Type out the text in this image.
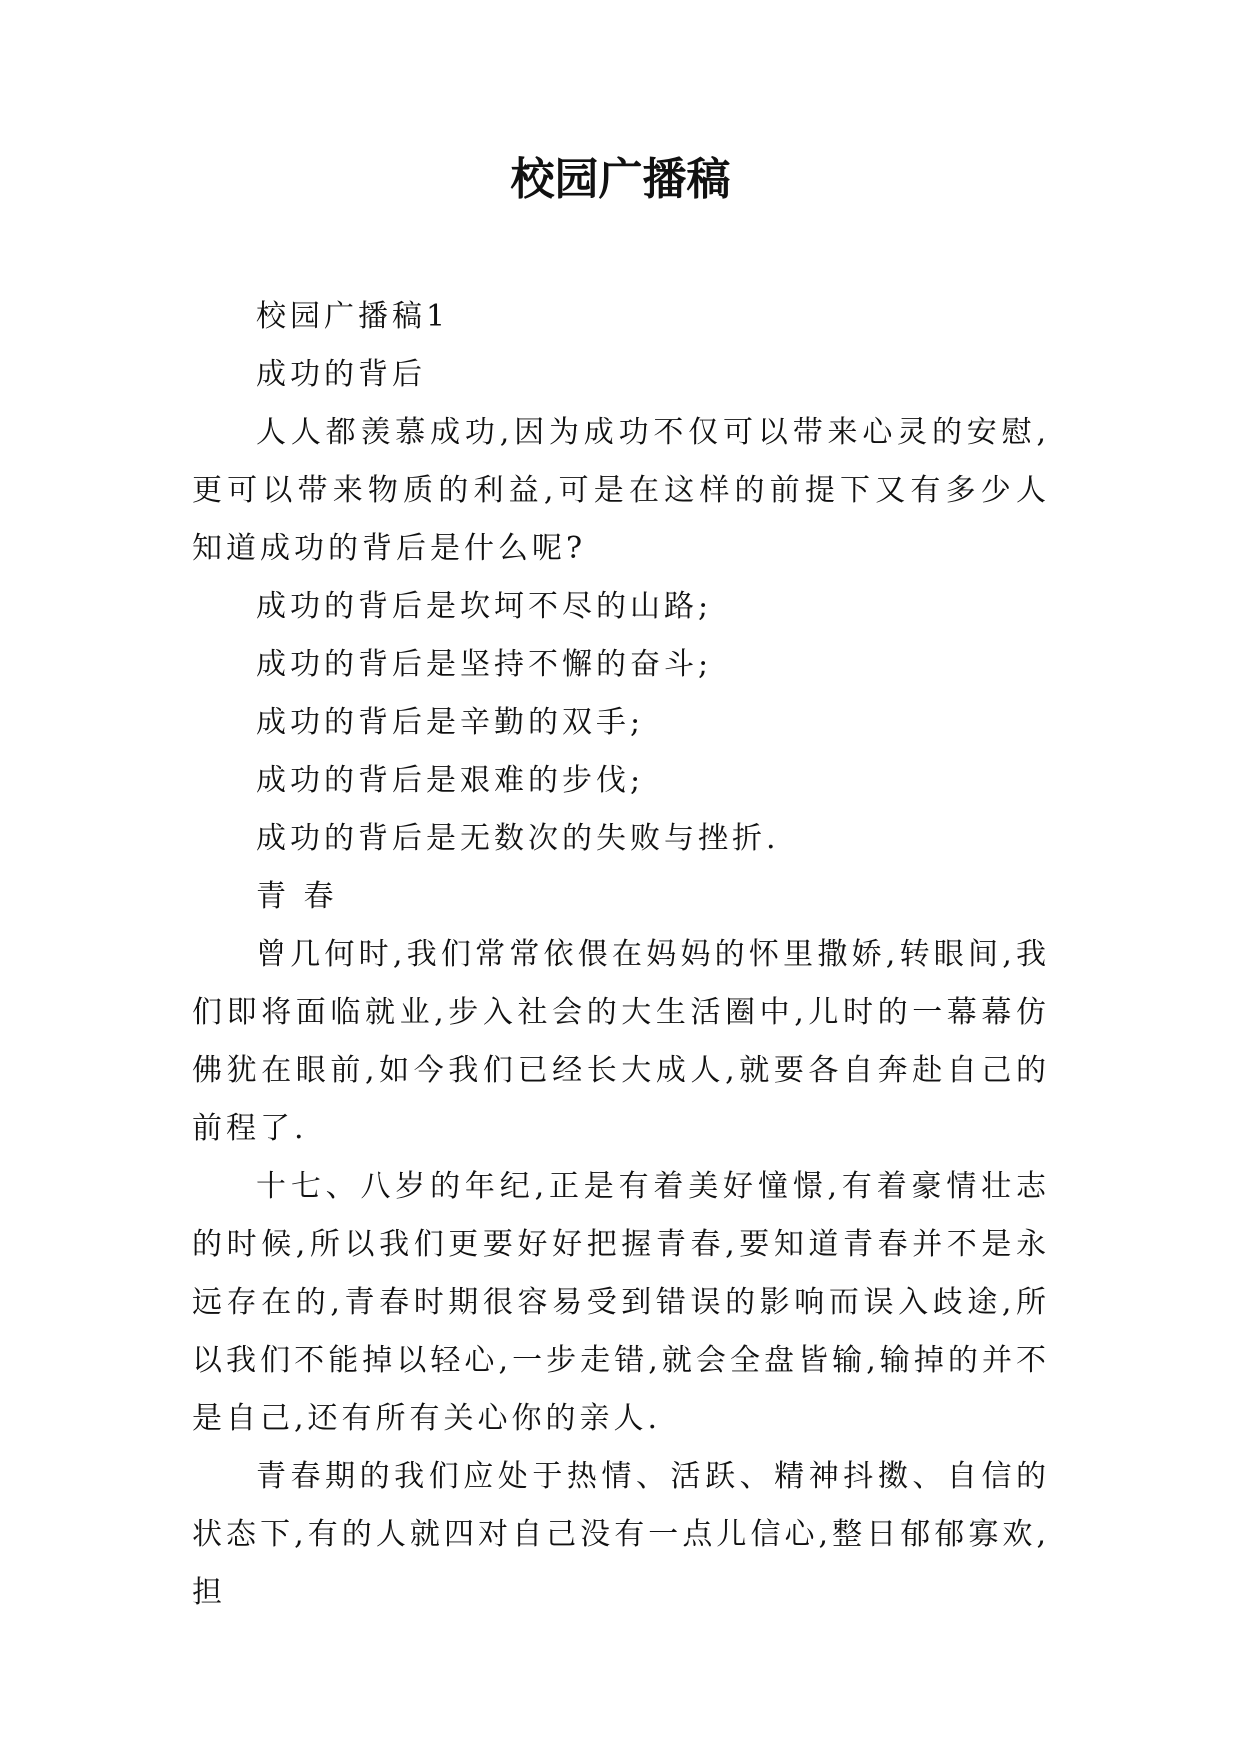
校园广播稿

校园广播稿1

成功的背后

人人都羡慕成功,因为成功不仅可以带来心灵的安慰,更可以带来物质的利益,可是在这样的前提下又有多少人知道成功的背后是什么呢?

成功的背后是坎坷不尽的山路;

成功的背后是坚持不懈的奋斗;

成功的背后是辛勤的双手;

成功的背后是艰难的步伐;

成功的背后是无数次的失败与挫折.

青 春

曾几何时,我们常常依偎在妈妈的怀里撒娇,转眼间,我们即将面临就业,步入社会的大生活圈中,儿时的一幕幕仿佛犹在眼前,如今我们已经长大成人,就要各自奔赴自己的前程了.

十七、八岁的年纪,正是有着美好憧憬,有着豪情壮志的时候,所以我们更要好好把握青春,要知道青春并不是永远存在的,青春时期很容易受到错误的影响而误入歧途,所以我们不能掉以轻心,一步走错,就会全盘皆输,输掉的并不是自己,还有所有关心你的亲人.

青春期的我们应处于热情、活跃、精神抖擞、自信的状态下,有的人就四对自己没有一点儿信心,整日郁郁寡欢,担
